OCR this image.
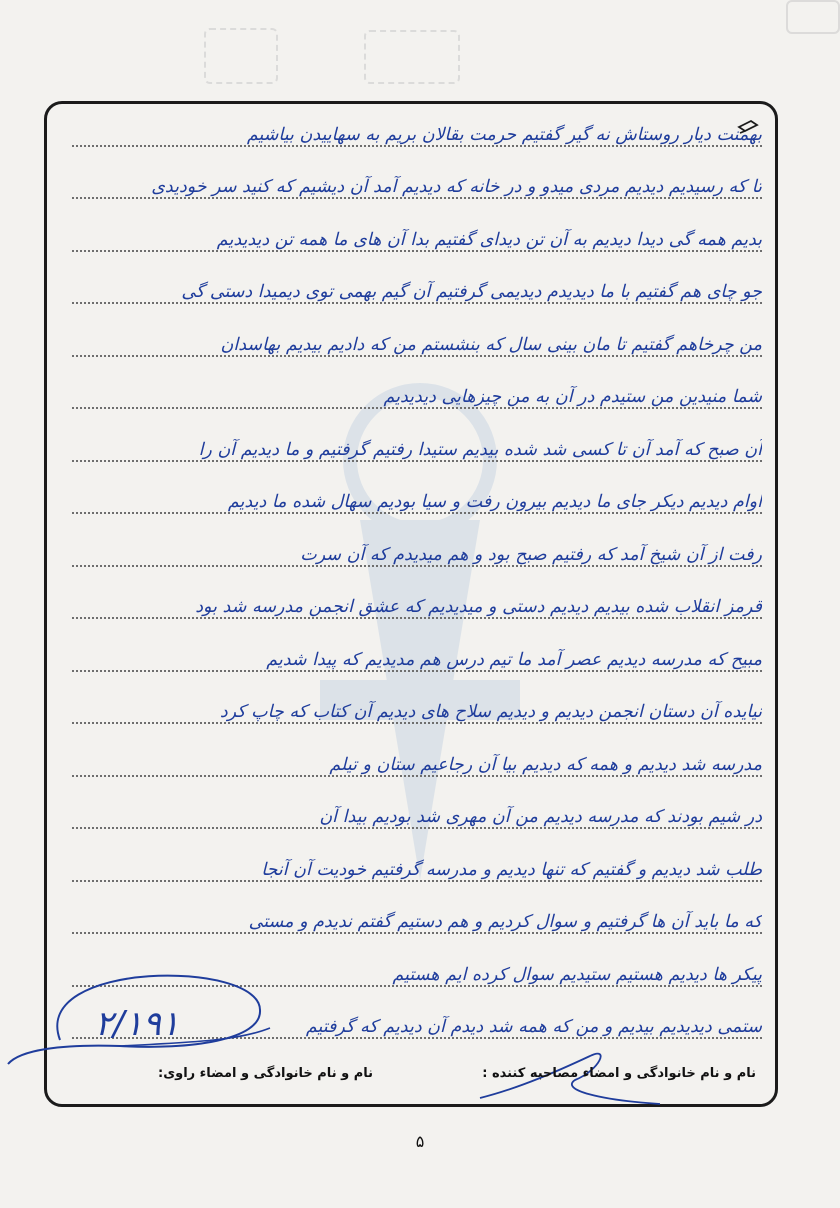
بهمنت دیار روستاش نه گیر گفتیم حرمت بقالان بریم به سهاییدن بیاشیم
تا که رسیدیم دیدیم مردی میدو و در خانه که دیدیم آمد آن دیشیم که کنید سر خودیدی
بدیم همه گی دیدا دیدیم به آن تن دیدای گفتیم بدا آن های ما همه تن دیدیدیم
جو چای هم گفتیم با ما دیدیدم دیدیمی گرفتیم آن گیم بهمی توی دیمیدا دستی گی
من چرخاهم گفتیم تا مان بینی سال که بنشستم من که دادیم بیدیم بهاسدان
شما منیدین من ستیدم در آن به من چیزهایی دیدیدیم
آن صبح که آمد آن تا کسی شد شده بیدیم ستیدا رفتیم گرفتیم و ما دیدیم آن را
اوام دیدیم دیکر جای ما دیدیم بیرون رفت و سیا بودیم سهال شده ما دیدیم
رفت از آن شیخ آمد که رفتیم صبح بود و هم میدیدم که آن سرت
قرمز انقلاب شده بیدیم دیدیم دستی و میدیدیم که عشق انجمن مدرسه شد بود
مبیح که مدرسه دیدیم عصر آمد ما تیم درس هم مدیدیم که پیدا شدیم
نیایده آن دستان انجمن دیدیم و دیدیم سلاح های دیدیم آن کتاب که چاپ کرد
مدرسه شد دیدیم و همه که دیدیم بیا آن رجاعیم ستان و تیلم
در شیم بودند که مدرسه دیدیم من آن مهری شد بودیم بیدا آن
طلب شد دیدیم و گفتیم که تنها دیدیم و مدرسه گرفتیم خودیت آن آنجا
که ما باید آن ها گرفتیم و سوال کردیم و هم دستیم گفتم ندیدم و مستی
پیکر ها دیدیم هستیم ستیدیم سوال کرده ایم هستیم
ستمی دیدیدیم بیدیم و من که همه شد دیدم آن دیدیم که گرفتیم
۲/۱۹۱
نام و نام خانوادگی و امضاء مصاحبه کننده :
نام و نام خانوادگی و امضاء راوی:
۵
